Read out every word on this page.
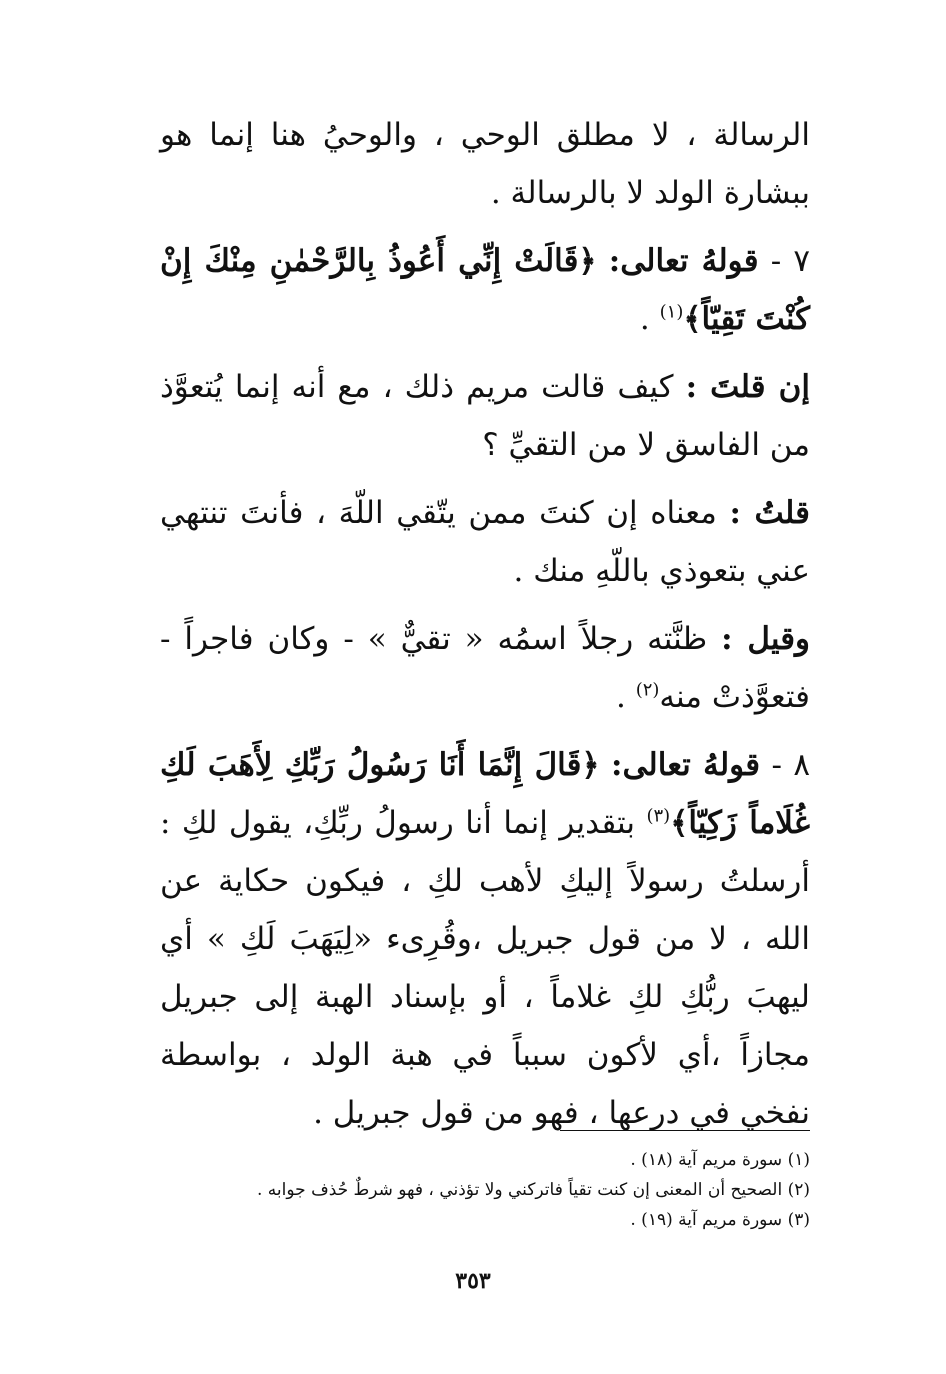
الرسالة ، لا مطلق الوحي ، والوحيُ هنا إنما هو ببشارة الولد لا بالرسالة .

٧ - قولهُ تعالى: ﴿قَالَتْ إِنِّي أَعُوذُ بِالرَّحْمٰنِ مِنْكَ إِنْ كُنْتَ تَقِيّاً﴾$^{(١)}$ .

إن قلتَ : كيف قالت مريم ذلك ، مع أنه إنما يُتعوَّذ من الفاسق لا من التقيِّ ؟

قلتُ : معناه إن كنتَ ممن يتّقي اللّهَ ، فأنتَ تنتهي عني بتعوذي باللّهِ منك .

وقيل : ظنَّته رجلاً اسمُه « تقيٌّ » - وكان فاجراً - فتعوَّذتْ منه$^{(٢)}$ .

٨ - قولهُ تعالى: ﴿قَالَ إِنَّمَا أَنَا رَسُولُ رَبِّكِ لِأَهَبَ لَكِ غُلَاماً زَكِيّاً﴾$^{(٣)}$ بتقدير إنما أنا رسولُ ربِّكِ، يقول لكِ : أرسلتُ رسولاً إليكِ لأهب لكِ ، فيكون حكاية عن الله ، لا من قول جبريل ،وقُرِىء «لِيَهَبَ لَكِ » أي ليهبَ ربُّكِ لكِ غلاماً ، أو بإسناد الهبة إلى جبريل مجازاً ،أي لأكون سبباً في هبة الولد ، بواسطة نفخي في درعها ، فهو من قول جبريل .

(١) سورة مريم آية (١٨) .
(٢) الصحيح أن المعنى إن كنت تقياً فاتركني ولا تؤذني ، فهو شرطٌ حُذف جوابه .
(٣) سورة مريم آية (١٩) .
٣٥٣
